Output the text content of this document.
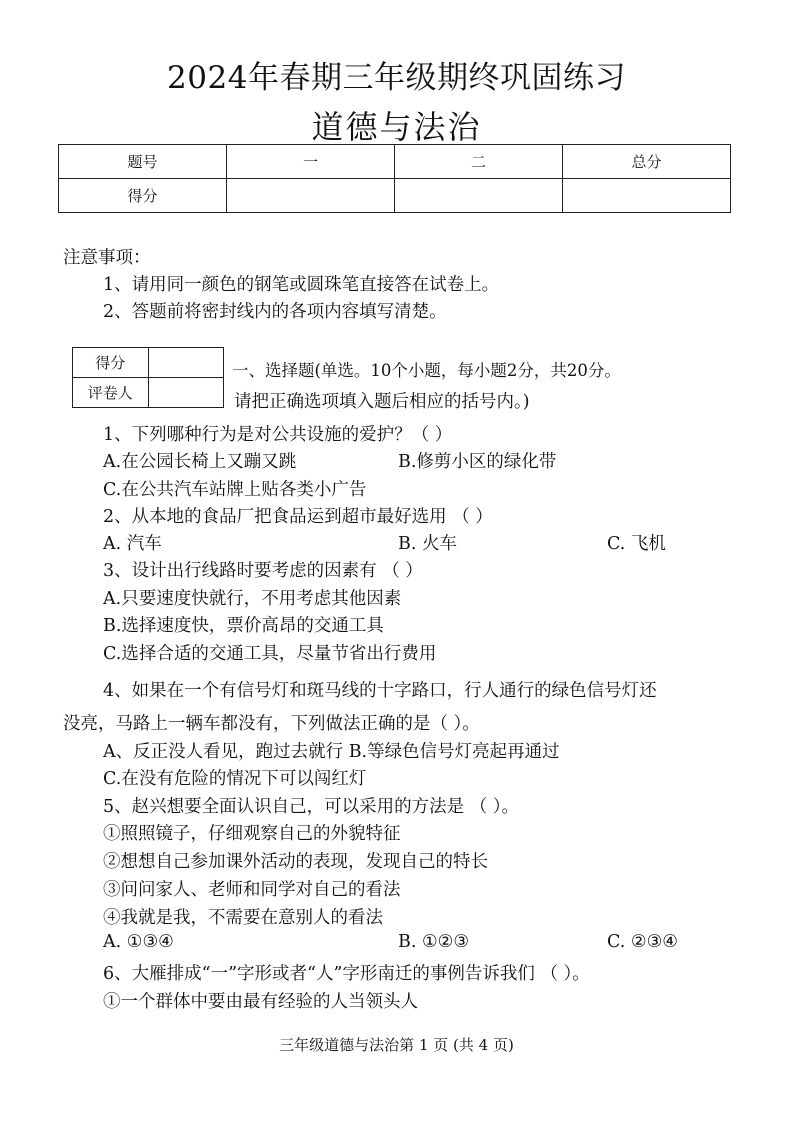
2024年春期三年级期终巩固练习
道德与法治
题号	一	二	总分
得分			
注意事项：
1、请用同一颜色的钢笔或圆珠笔直接答在试卷上。
2、答题前将密封线内的各项内容填写清楚。
得分	
评卷人	
一、选择题(单选。10个小题，每小题2分，共20分。
请把正确选项填入题后相应的括号内。)
1、下列哪种行为是对公共设施的爱护？（ ）
A.在公园长椅上又蹦又跳	B.修剪小区的绿化带
C.在公共汽车站牌上贴各类小广告
2、从本地的食品厂把食品运到超市最好选用 （ ）
A. 汽车	B. 火车	C. 飞机
3、设计出行线路时要考虑的因素有 （ ）
A.只要速度快就行，不用考虑其他因素
B.选择速度快，票价高昂的交通工具
C.选择合适的交通工具，尽量节省出行费用
4、如果在一个有信号灯和斑马线的十字路口，行人通行的绿色信号灯还
没亮，马路上一辆车都没有，下列做法正确的是（ ）。
A、反正没人看见，跑过去就行 B.等绿色信号灯亮起再通过
C.在没有危险的情况下可以闯红灯
5、赵兴想要全面认识自己，可以采用的方法是 （ ）。
①照照镜子，仔细观察自己的外貌特征
②想想自己参加课外活动的表现，发现自己的特长
③问问家人、老师和同学对自己的看法
④我就是我，不需要在意别人的看法
A. ①③④	B. ①②③	C. ②③④
6、大雁排成“一”字形或者“人”字形南迁的事例告诉我们 （ ）。
①一个群体中要由最有经验的人当领头人
三年级道德与法治第 1 页 (共 4 页)
